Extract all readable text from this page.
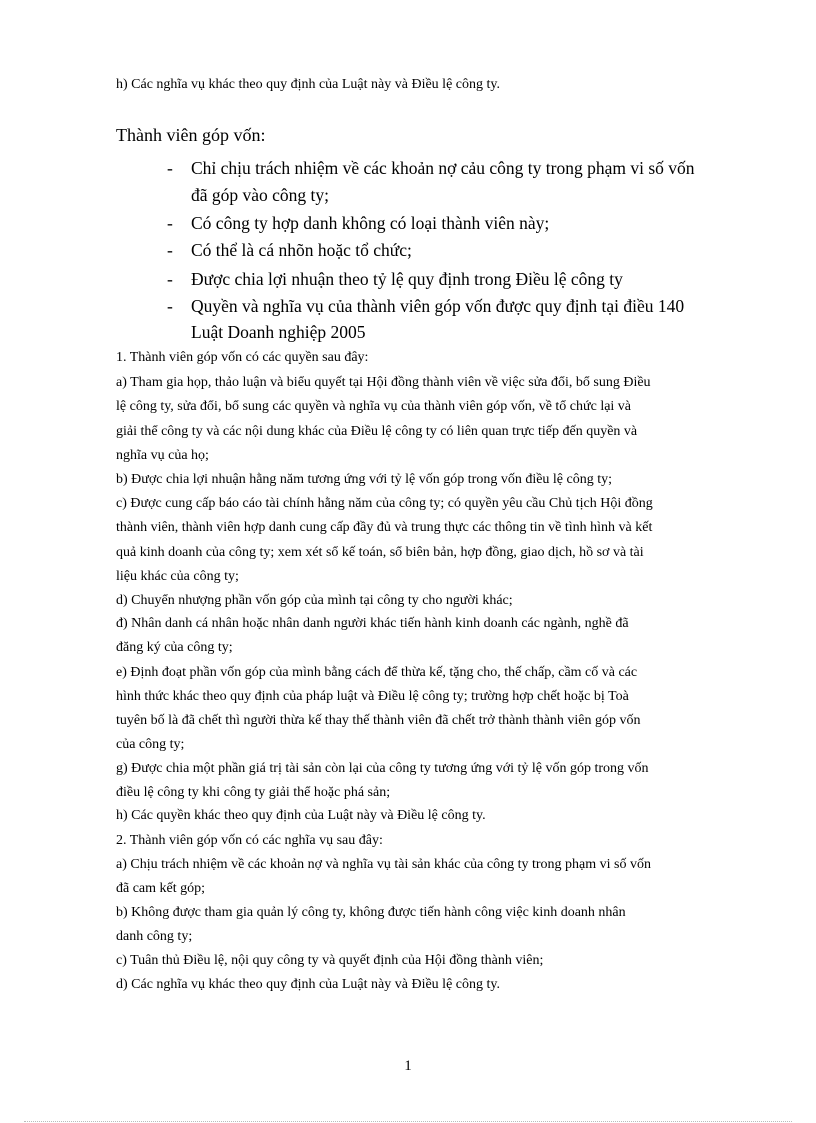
h) Các nghĩa vụ khác theo quy định của Luật này và Điều lệ công ty.
Thành viên góp vốn:
- Chỉ chịu trách nhiệm về các khoản nợ cảu công ty trong phạm vi số vốn
đã góp vào công ty;
- Có công ty hợp danh không có loại thành viên này;
- Có thể là cá nhõn hoặc tổ chức;
- Được chia lợi nhuận theo tỷ lệ quy định trong Điều lệ công ty
- Quyền và nghĩa vụ của thành viên góp vốn được quy định tại điều 140
Luật Doanh nghiệp 2005
1. Thành viên góp vốn có các quyền sau đây:
a) Tham gia họp, thảo luận và biểu quyết tại Hội đồng thành viên về việc sửa đổi, bổ sung Điều
lệ công ty, sửa đổi, bổ sung các quyền và nghĩa vụ của thành viên góp vốn, về tổ chức lại và
giải thể công ty và các nội dung khác của Điều lệ công ty có liên quan trực tiếp đến quyền và
nghĩa vụ của họ;
b) Được chia lợi nhuận hằng năm tương ứng với tỷ lệ vốn góp trong vốn điều lệ công ty;
c) Được cung cấp báo cáo tài chính hằng năm của công ty; có quyền yêu cầu Chủ tịch Hội đồng
thành viên, thành viên hợp danh cung cấp đầy đủ và trung thực các thông tin về tình hình và kết
quả kinh doanh của công ty; xem xét sổ kế toán, sổ biên bản, hợp đồng, giao dịch, hồ sơ và tài
liệu khác của công ty;
d) Chuyển nhượng phần vốn góp của mình tại công ty cho người khác;
đ) Nhân danh cá nhân hoặc nhân danh người khác tiến hành kinh doanh các ngành, nghề đã
đăng ký của công ty;
e) Định đoạt phần vốn góp của mình bằng cách để thừa kế, tặng cho, thế chấp, cầm cố và các
hình thức khác theo quy định của pháp luật và Điều lệ công ty; trường hợp chết hoặc bị Toà
tuyên bố là đã chết thì người thừa kế thay thế thành viên đã chết trở thành thành viên góp vốn
của công ty;
g) Được chia một phần giá trị tài sản còn lại của công ty tương ứng với tỷ lệ vốn góp trong vốn
điều lệ công ty khi công ty giải thể hoặc phá sản;
h) Các quyền khác theo quy định của Luật này và Điều lệ công ty.
2. Thành viên góp vốn có các nghĩa vụ sau đây:
a) Chịu trách nhiệm về các khoản nợ và nghĩa vụ tài sản khác của công ty trong phạm vi số vốn
đã cam kết góp;
b) Không được tham gia quản lý công ty, không được tiến hành công việc kinh doanh nhân
danh công ty;
c) Tuân thủ Điều lệ, nội quy công ty và quyết định của Hội đồng thành viên;
d) Các nghĩa vụ khác theo quy định của Luật này và Điều lệ công ty.
1
